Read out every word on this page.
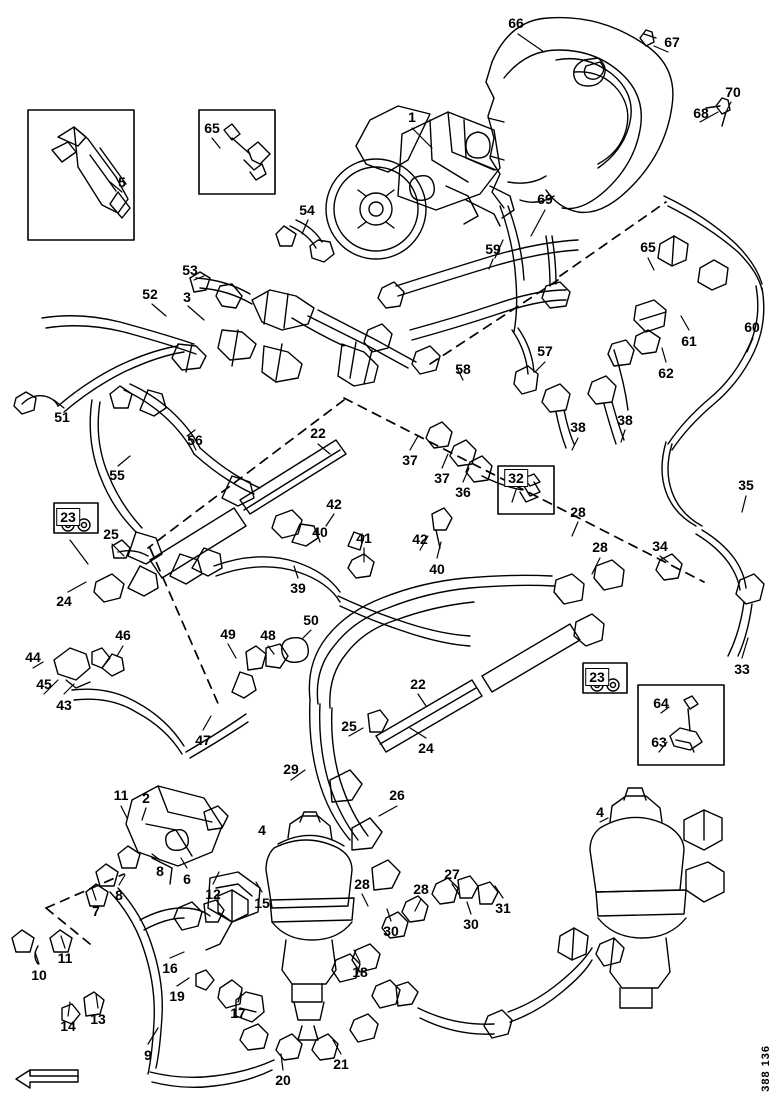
388 136
1
2
3
4
4
5
6
7
8
8
9
10
11
11
12
13
14
15
16
17
18
19
20
21
22
22
23
23
24
24
25
25
26
27
28
28
28	28
29
30
30
31
32
33
34
35
36
37
37
38 38
39
40
40
41
42
42
43
44
45
46
47
48
49
50
51
52
53
54
55
56
57
58
59
60
61
62
63
64
65
65
66
67
68
69
70
